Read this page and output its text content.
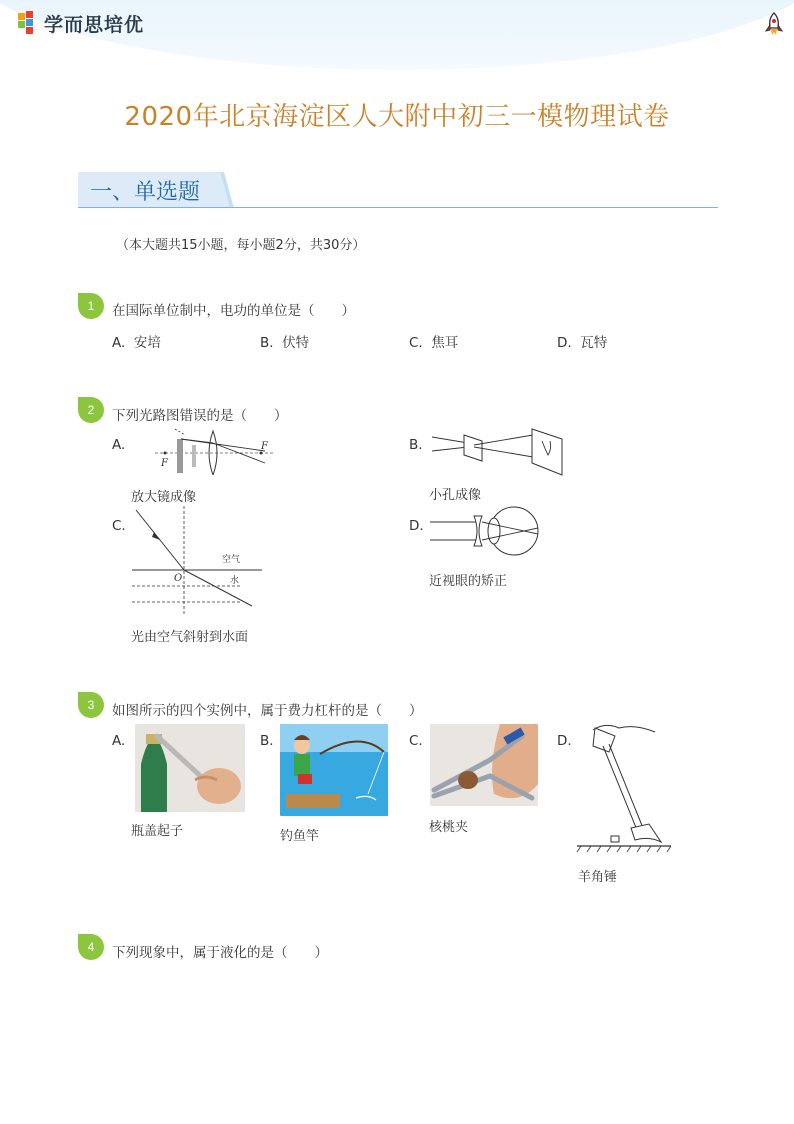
学而思培优
2020年北京海淀区人大附中初三一模物理试卷
一、单选题
（本大题共15小题，每小题2分，共30分）
1 在国际单位制中，电功的单位是（　　）
A. 安培	B. 伏特	C. 焦耳	D. 瓦特
2 下列光路图错误的是（　　）
A.
F
F
放大镜成像
B.
小孔成像
C.
空气
O	水
光由空气斜射到水面
D.
近视眼的矫正
3 如图所示的四个实例中，属于费力杠杆的是（　　）
A.
瓶盖起子
B.
钓鱼竿
C.
核桃夹
D.
羊角锤
4 下列现象中，属于液化的是（　　）
